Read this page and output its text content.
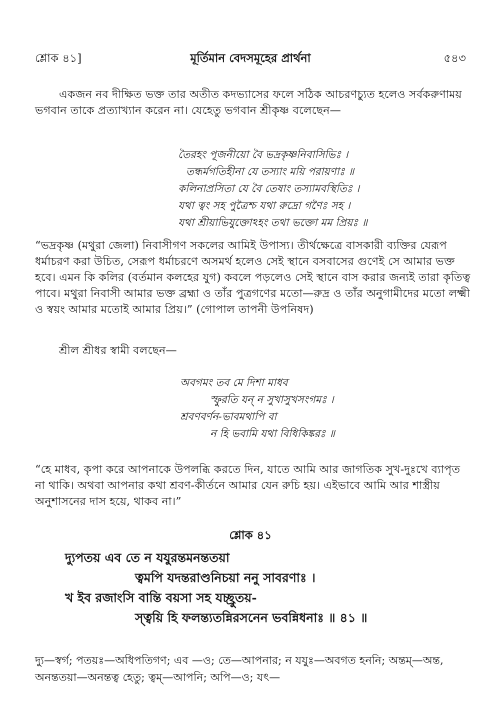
শ্লোক ৪১]	মূর্তিমান বেদসমূহের প্রার্থনা	৫৪৩

একজন নব দীক্ষিত ভক্ত তার অতীত কদভ্যাসের ফলে সঠিক আচরণচ্যুত হলেও সর্বকরুণাময় ভগবান তাকে প্রত্যাখ্যান করেন না। যেহেতু ভগবান শ্রীকৃষ্ণ বলেছেন—

তৈরহং পূজনীয়ো বৈ ভদ্রকৃষ্ণনিবাসিভিঃ ।
তন্ধর্মগতিহীনা যে তস্যাং ময়ি পরায়ণাঃ ॥
কলিনাপ্রসিতা যে বৈ তেষাং তস্যামবস্থিতিঃ ।
যথা ত্বং সহ পুত্রৈশ্চ যথা রুদ্রো গণৈঃ সহ ।
যথা শ্রীয়াভিযুক্তোঽহং তথা ভক্তো মম প্রিয়ঃ ॥

“ভদ্রকৃষ্ণ (মথুরা জেলা) নিবাসীগণ সকলের আমিই উপাস্য। তীর্থক্ষেত্রে বাসকারী ব্যক্তির যেরূপ ধর্মাচরণ করা উচিত, সেরূপ ধর্মাচরণে অসমর্থ হলেও সেই স্থানে বসবাসের গুণেই সে আমার ভক্ত হবে। এমন কি কলির (বর্তমান কলহের যুগ) কবলে পড়লেও সেই স্থানে বাস করার জন্যই তারা কৃতিত্ব পাবে। মথুরা নিবাসী আমার ভক্ত ব্রহ্মা ও তাঁর পুত্রগণের মতো—রুদ্র ও তাঁর অনুগামীদের মতো লক্ষ্মী ও স্বয়ং আমার মতোই আমার প্রিয়।” (গোপাল তাপনী উপনিষদ)

শ্রীল শ্রীধর স্বামী বলছেন—

অবগমং তব মে দিশা মাধব
স্ফুরতি যন্ ন সুখাসুখসংগমঃ ।
শ্রবণবর্ণন-ভাবমথাপি বা
ন হি ভবামি যথা বিধিকিঙ্করঃ ॥

“হে মাধব, কৃপা করে আপনাকে উপলব্ধি করতে দিন, যাতে আমি আর জাগতিক সুখ-দুঃখে ব্যাপৃত না থাকি। অথবা আপনার কথা শ্রবণ-কীর্তনে আমার যেন রুচি হয়। এইভাবে আমি আর শাস্ত্রীয় অনুশাসনের দাস হয়ে, থাকব না।”

শ্লোক ৪১
দ্যুপতয় এব তে ন যযুরন্তমনন্ততয়া
ত্বমপি যদন্তরাণ্ডনিচয়া ননু সাবরণাঃ ।
খ ইব রজাংসি বান্তি বয়সা সহ যচ্ছ্রুতয়-
স্ত্বয়ি হি ফলন্ত্যতন্নিরসনেন ভবন্নিধনাঃ ॥ ৪১ ॥

দ্যু—স্বর্গ; পতয়ঃ—অধিপতিগণ; এব —ও; তে—আপনার; ন যযুঃ—অবগত হননি; অন্তম্—অন্ত, অনন্ততয়া—অনন্তত্ব হেতু; ত্বম্—আপনি; অপি—ও; যৎ—
